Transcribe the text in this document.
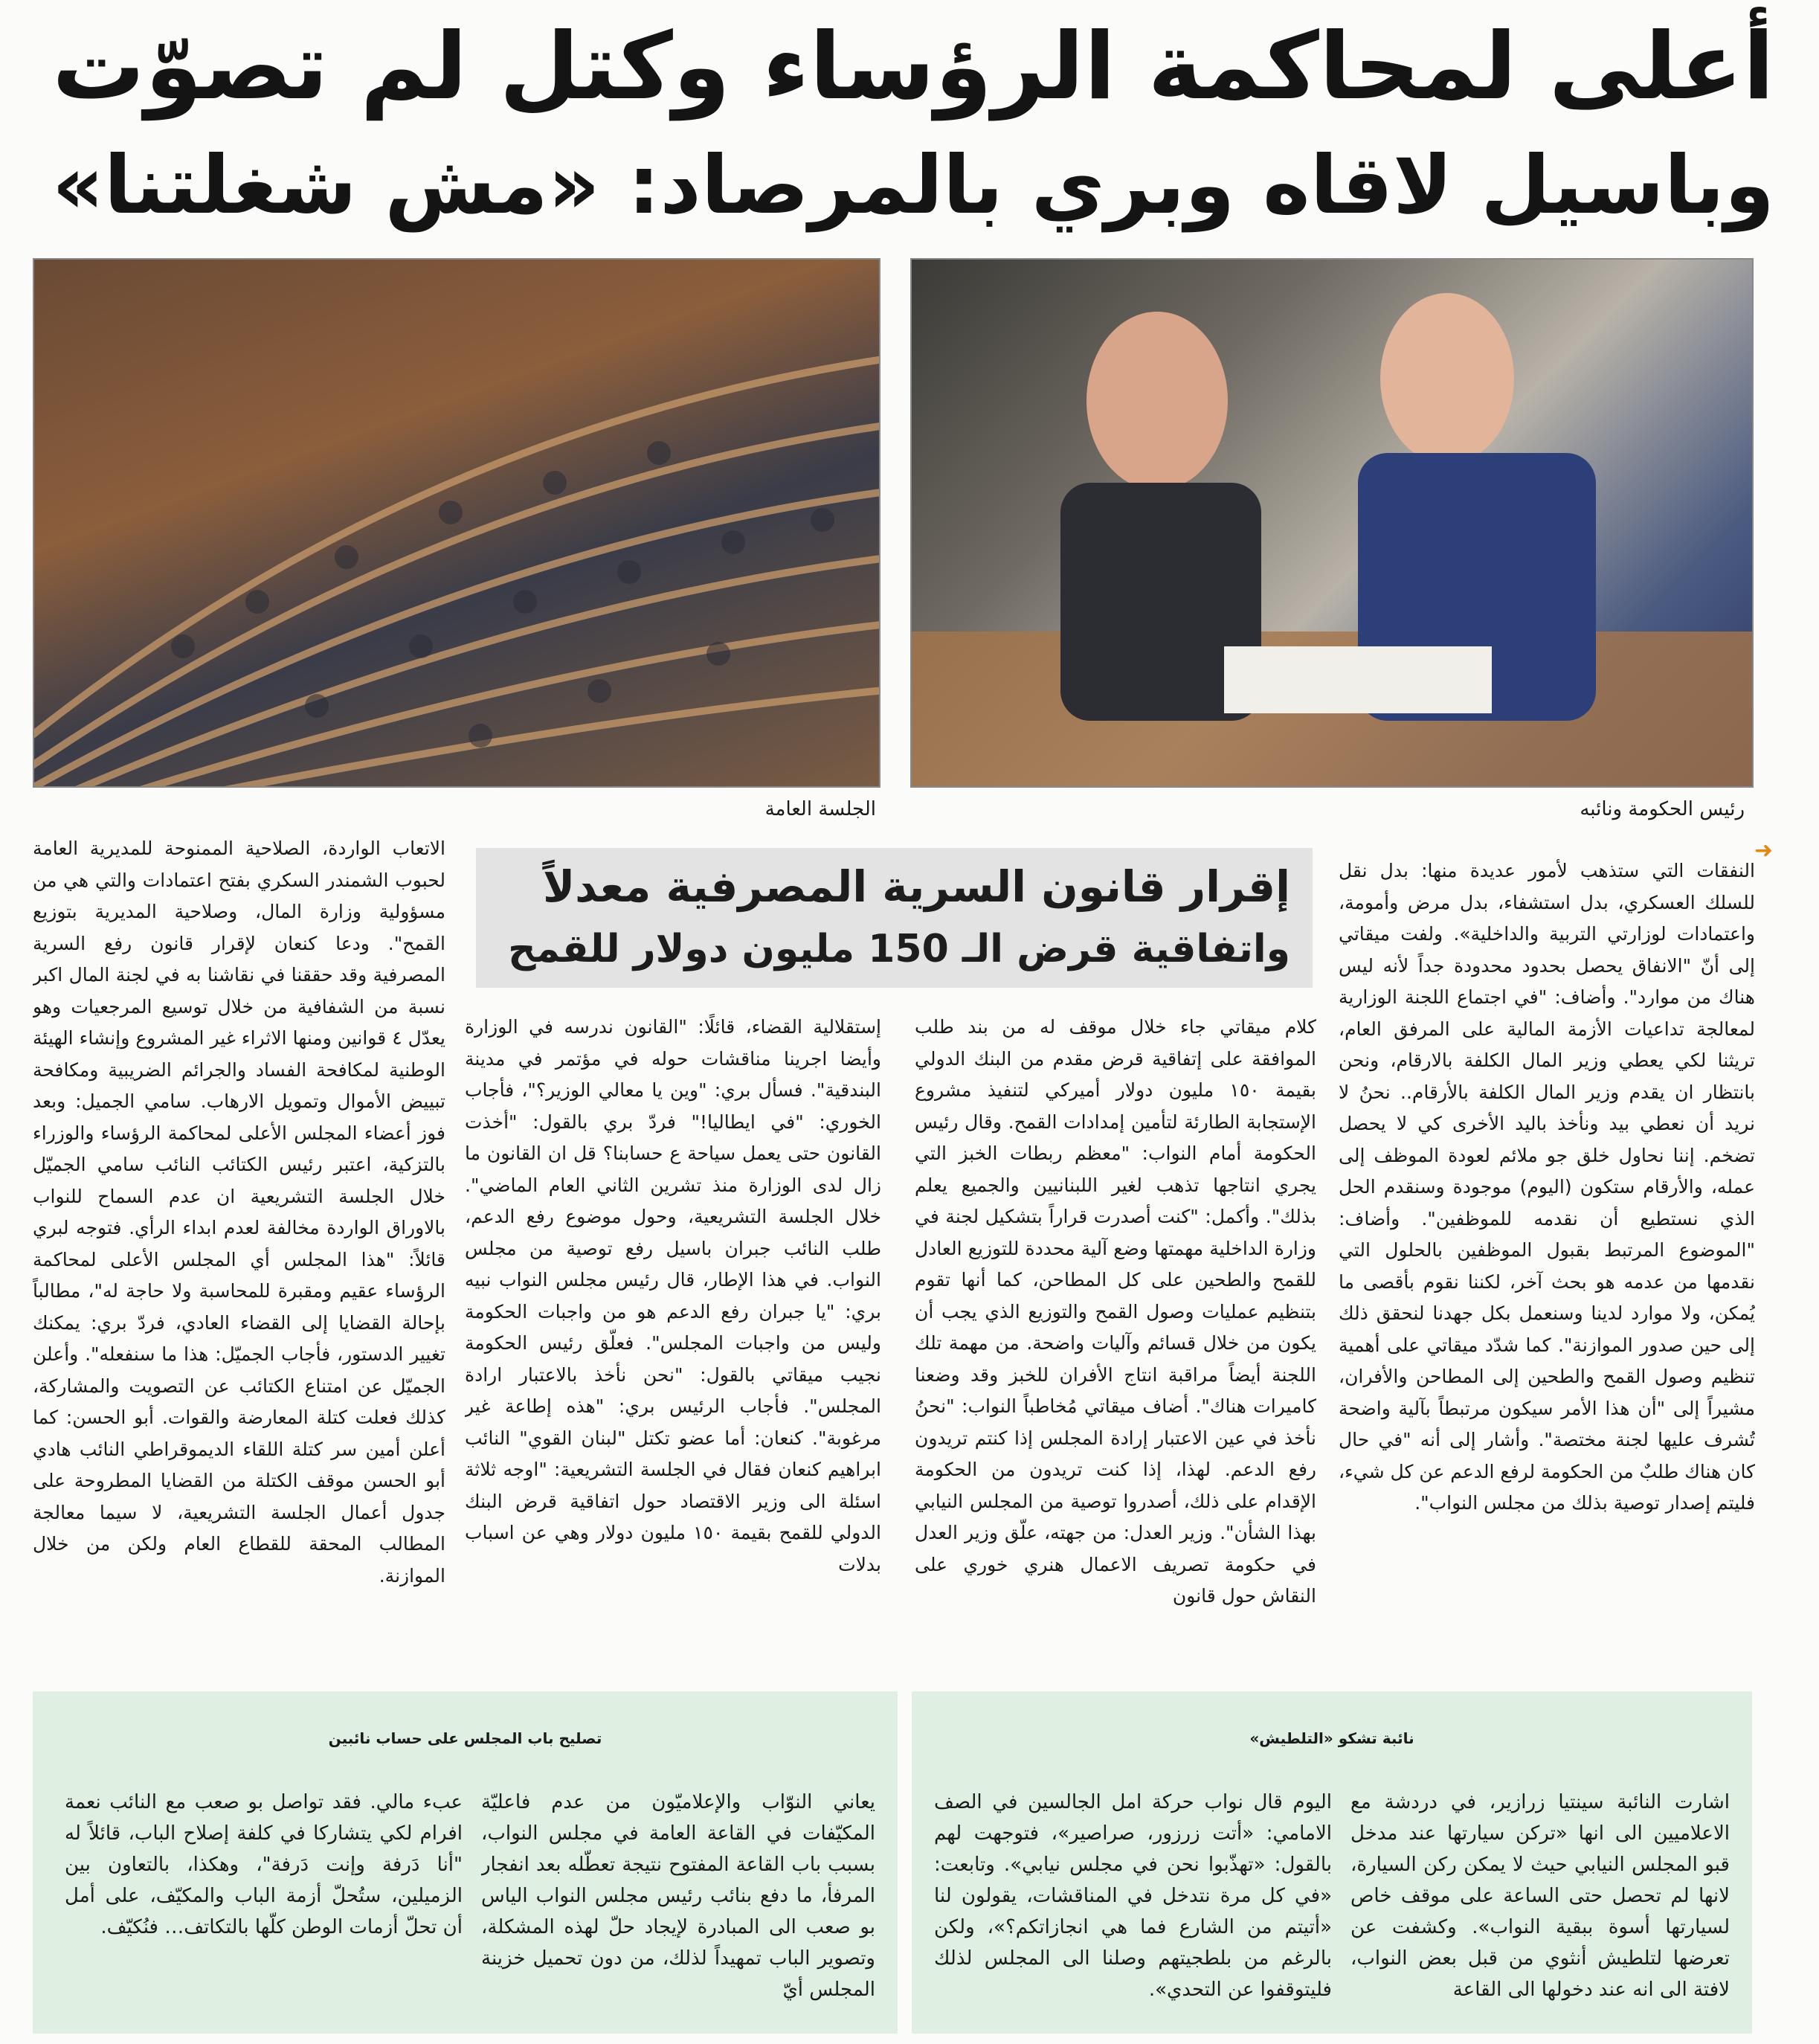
أعلى لمحاكمة الرؤساء وكتل لم تصوّت
وباسيل لاقاه وبري بالمرصاد: «مش شغلتنا»
الجلسة العامة	رئيس الحكومة ونائبه
➜
إقرار قانون السرية المصرفية معدلاً
واتفاقية قرض الـ 150 مليون دولار للقمح

النفقات التي ستذهب لأمور عديدة منها: بدل نقل للسلك العسكري، بدل استشفاء، بدل مرض وأمومة، واعتمادات لوزارتي التربية والداخلية». ولفت ميقاتي إلى أنّ "الانفاق يحصل بحدود محدودة جداً لأنه ليس هناك من موارد". وأضاف: "في اجتماع اللجنة الوزارية لمعالجة تداعيات الأزمة المالية على المرفق العام، تريثنا لكي يعطي وزير المال الكلفة بالارقام، ونحن بانتظار ان يقدم وزير المال الكلفة بالأرقام.. نحنُ لا نريد أن نعطي بيد ونأخذ باليد الأخرى كي لا يحصل تضخم. إننا نحاول خلق جو ملائم لعودة الموظف إلى عمله، والأرقام ستكون (اليوم) موجودة وسنقدم الحل الذي نستطيع أن نقدمه للموظفين". وأضاف: "الموضوع المرتبط بقبول الموظفين بالحلول التي نقدمها من عدمه هو بحث آخر، لكننا نقوم بأقصى ما يُمكن، ولا موارد لدينا وسنعمل بكل جهدنا لنحقق ذلك إلى حين صدور الموازنة". كما شدّد ميقاتي على أهمية تنظيم وصول القمح والطحين إلى المطاحن والأفران، مشيراً إلى "أن هذا الأمر سيكون مرتبطاً بآلية واضحة تُشرف عليها لجنة مختصة". وأشار إلى أنه "في حال كان هناك طلبٌ من الحكومة لرفع الدعم عن كل شيء، فليتم إصدار توصية بذلك من مجلس النواب".

كلام ميقاتي جاء خلال موقف له من بند طلب الموافقة على إتفاقية قرض مقدم من البنك الدولي بقيمة ١٥٠ مليون دولار أميركي لتنفيذ مشروع الإستجابة الطارئة لتأمين إمدادات القمح. وقال رئيس الحكومة أمام النواب: "معظم ربطات الخبز التي يجري انتاجها تذهب لغير اللبنانيين والجميع يعلم بذلك". وأكمل: "كنت أصدرت قراراً بتشكيل لجنة في وزارة الداخلية مهمتها وضع آلية محددة للتوزيع العادل للقمح والطحين على كل المطاحن، كما أنها تقوم بتنظيم عمليات وصول القمح والتوزيع الذي يجب أن يكون من خلال قسائم وآليات واضحة. من مهمة تلك اللجنة أيضاً مراقبة انتاج الأفران للخبز وقد وضعنا كاميرات هناك". أضاف ميقاتي مُخاطباً النواب: "نحنُ نأخذ في عين الاعتبار إرادة المجلس إذا كنتم تريدون رفع الدعم. لهذا، إذا كنت تريدون من الحكومة الإقدام على ذلك، أصدروا توصية من المجلس النيابي بهذا الشأن". وزير العدل: من جهته، علّق وزير العدل في حكومة تصريف الاعمال هنري خوري على النقاش حول قانون

إستقلالية القضاء، قائلًا: "القانون ندرسه في الوزارة وأيضا اجرينا مناقشات حوله في مؤتمر في مدينة البندقية". فسأل بري: "وين يا معالي الوزير؟"، فأجاب الخوري: "في ايطاليا!" فردّ بري بالقول: "أخذت القانون حتى يعمل سياحة ع حسابنا؟ قل ان القانون ما زال لدى الوزارة منذ تشرين الثاني العام الماضي". خلال الجلسة التشريعية، وحول موضوع رفع الدعم، طلب النائب جبران باسيل رفع توصية من مجلس النواب. في هذا الإطار، قال رئيس مجلس النواب نبيه بري: "يا جبران رفع الدعم هو من واجبات الحكومة وليس من واجبات المجلس". فعلّق رئيس الحكومة نجيب ميقاتي بالقول: "نحن نأخذ بالاعتبار ارادة المجلس". فأجاب الرئيس بري: "هذه إطاعة غير مرغوبة". كنعان: أما عضو تكتل "لبنان القوي" النائب ابراهيم كنعان فقال في الجلسة التشريعية: "اوجه ثلاثة اسئلة الى وزير الاقتصاد حول اتفاقية قرض البنك الدولي للقمح بقيمة ١٥٠ مليون دولار وهي عن اسباب بدلات

الاتعاب الواردة، الصلاحية الممنوحة للمديرية العامة لحبوب الشمندر السكري بفتح اعتمادات والتي هي من مسؤولية وزارة المال، وصلاحية المديرية بتوزيع القمح". ودعا كنعان لإقرار قانون رفع السرية المصرفية وقد حققنا في نقاشنا به في لجنة المال اكبر نسبة من الشفافية من خلال توسيع المرجعيات وهو يعدّل ٤ قوانين ومنها الاثراء غير المشروع وإنشاء الهيئة الوطنية لمكافحة الفساد والجرائم الضريبية ومكافحة تبييض الأموال وتمويل الارهاب. سامي الجميل: وبعد فوز أعضاء المجلس الأعلى لمحاكمة الرؤساء والوزراء بالتزكية، اعتبر رئيس الكتائب النائب سامي الجميّل خلال الجلسة التشريعية ان عدم السماح للنواب بالاوراق الواردة مخالفة لعدم ابداء الرأي. فتوجه لبري قائلاً: "هذا المجلس أي المجلس الأعلى لمحاكمة الرؤساء عقيم ومقبرة للمحاسبة ولا حاجة له"، مطالباً بإحالة القضايا إلى القضاء العادي، فردّ بري: يمكنك تغيير الدستور، فأجاب الجميّل: هذا ما سنفعله". وأعلن الجميّل عن امتناع الكتائب عن التصويت والمشاركة، كذلك فعلت كتلة المعارضة والقوات. أبو الحسن: كما أعلن أمين سر كتلة اللقاء الديموقراطي النائب هادي أبو الحسن موقف الكتلة من القضايا المطروحة على جدول أعمال الجلسة التشريعية، لا سيما معالجة المطالب المحقة للقطاع العام ولكن من خلال الموازنة.

تصليح باب المجلس على حساب نائبين
يعاني النوّاب والإعلاميّون من عدم فاعليّة المكيّفات في القاعة العامة في مجلس النواب، بسبب باب القاعة المفتوح نتيجة تعطّله بعد انفجار المرفأ، ما دفع بنائب رئيس مجلس النواب الياس بو صعب الى المبادرة لإيجاد حلّ لهذه المشكلة، وتصوير الباب تمهيداً لذلك، من دون تحميل خزينة المجلس أيّ
عبء مالي. فقد تواصل بو صعب مع النائب نعمة افرام لكي يتشاركا في كلفة إصلاح الباب، قائلاً له "أنا دَرفة وإنت دَرفة"، وهكذا، بالتعاون بين الزميلين، ستُحلّ أزمة الباب والمكيّف، على أمل أن تحلّ أزمات الوطن كلّها بالتكاتف… فنُكيّف.
نائبة تشكو «التلطيش»
اشارت النائبة سينتيا زرازير، في دردشة مع الاعلاميين الى انها «تركن سيارتها عند مدخل قبو المجلس النيابي حيث لا يمكن ركن السيارة، لانها لم تحصل حتى الساعة على موقف خاص لسيارتها أسوة ببقية النواب». وكشفت عن تعرضها لتلطيش أنثوي من قبل بعض النواب، لافتة الى انه عند دخولها الى القاعة
اليوم قال نواب حركة امل الجالسين في الصف الامامي: «أتت زرزور، صراصير»، فتوجهت لهم بالقول: «تهذّبوا نحن في مجلس نيابي». وتابعت: «في كل مرة نتدخل في المناقشات، يقولون لنا «أتيتم من الشارع فما هي انجازاتكم؟»، ولكن بالرغم من بلطجيتهم وصلنا الى المجلس لذلك فليتوقفوا عن التحدي».
